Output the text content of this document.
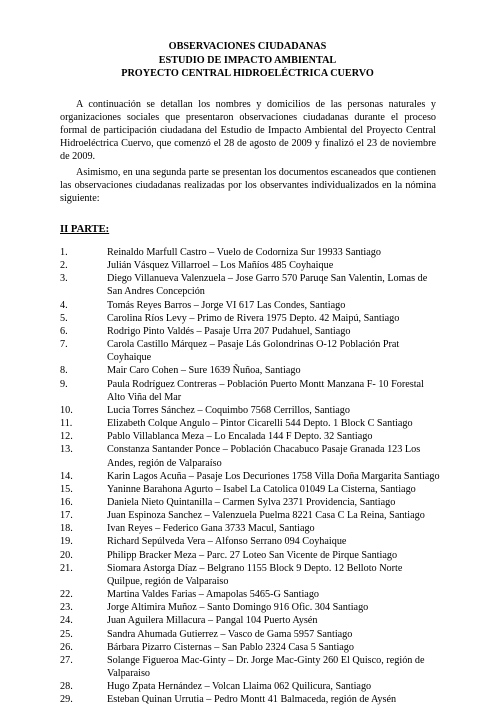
OBSERVACIONES CIUDADANAS
ESTUDIO DE IMPACTO AMBIENTAL
PROYECTO CENTRAL HIDROELÉCTRICA CUERVO
A continuación se detallan los nombres y domicilios de las personas naturales y organizaciones sociales que presentaron observaciones ciudadanas durante el proceso formal de participación ciudadana del Estudio de Impacto Ambiental del Proyecto Central Hidroeléctrica Cuervo, que comenzó el 28 de agosto de 2009 y finalizó el 23 de noviembre de 2009.
Asimismo, en una segunda parte se presentan los documentos escaneados que contienen las observaciones ciudadanas realizadas por los observantes individualizados en la nómina siguiente:
II PARTE:
1.	Reinaldo Marfull Castro – Vuelo de Codorniza Sur 19933 Santiago
2.	Julián Vásquez Villarroel – Los Mañíos 485 Coyhaique
3.	Diego Villanueva Valenzuela – Jose Garro 570 Paruqe San Valentin, Lomas de San Andres Concepción
4.	Tomás Reyes Barros – Jorge VI 617 Las Condes, Santiago
5.	Carolina Ríos Levy – Primo de Rivera 1975 Depto. 42 Maipú, Santiago
6.	Rodrigo Pinto Valdés – Pasaje Urra 207 Pudahuel, Santiago
7.	Carola Castillo Márquez – Pasaje Lás Golondrinas O-12 Población Prat Coyhaique
8.	Mair Caro Cohen – Sure 1639 Ñuñoa, Santiago
9.	Paula Rodríguez Contreras – Población Puerto Montt Manzana F- 10 Forestal Alto Viña del Mar
10.	Lucia Torres Sánchez – Coquimbo 7568 Cerrillos, Santiago
11.	Elizabeth Colque Angulo – Pintor Cicarelli 544 Depto. 1 Block C Santiago
12.	Pablo Villablanca Meza – Lo Encalada 144 F Depto. 32 Santiago
13.	Constanza Santander Ponce – Población Chacabuco Pasaje Granada 123 Los Andes, región de Valparaíso
14.	Karin Lagos Acuña – Pasaje Los Decuriones 1758 Villa Doña Margarita Santiago
15.	Yaninne Barahona Agurto – Isabel La Catolica 01049 La Cisterna, Santiago
16.	Daniela Nieto Quintanilla – Carmen Sylva 2371 Providencia, Santiago
17.	Juan Espinoza Sanchez – Valenzuela Puelma 8221 Casa C La Reina, Santiago
18.	Ivan Reyes – Federico Gana 3733 Macul, Santiago
19.	Richard Sepúlveda Vera – Alfonso Serrano 094 Coyhaique
20.	Philipp Bracker Meza – Parc. 27 Loteo San Vicente de Pirque Santiago
21.	Siomara Astorga Díaz – Belgrano 1155 Block 9 Depto. 12 Belloto Norte Quilpue, región de Valparaiso
22.	Martina Valdes Farias – Amapolas 5465-G Santiago
23.	Jorge Altimira Muñoz – Santo Domingo 916 Ofic. 304 Santiago
24.	Juan Aguilera Millacura – Pangal 104 Puerto Aysén
25.	Sandra Ahumada Gutierrez – Vasco de Gama 5957 Santiago
26.	Bárbara Pizarro Cisternas – San Pablo 2324 Casa 5 Santiago
27.	Solange Figueroa Mac-Ginty – Dr. Jorge Mac-Ginty 260 El Quisco, región de Valparaiso
28.	Hugo Zpata Hernández – Volcan Llaima 062 Quilicura, Santiago
29.	Esteban Quinan Urrutia – Pedro Montt 41 Balmaceda, región de Aysén
